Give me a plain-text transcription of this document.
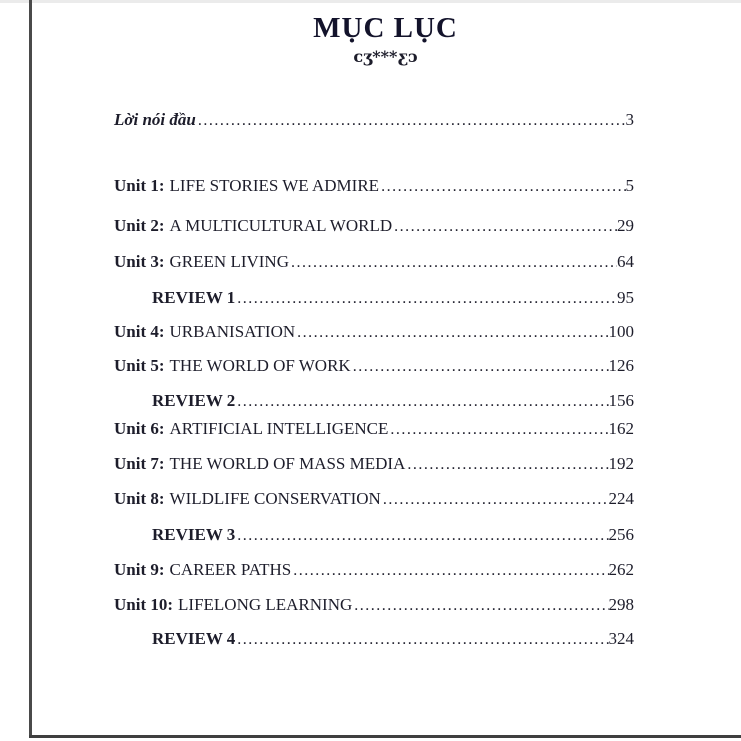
MỤC LỤC
ᴄʒ***ƹᴐ
Lời nói đầu .....	3
Unit 1: LIFE STORIES WE ADMIRE .....	5
Unit 2: A MULTICULTURAL WORLD .....	29
Unit 3: GREEN LIVING .....	64
REVIEW 1 .....	95
Unit 4: URBANISATION .....	100
Unit 5: THE WORLD OF WORK .....	126
REVIEW 2 .....	156
Unit 6: ARTIFICIAL INTELLIGENCE .....	162
Unit 7: THE WORLD OF MASS MEDIA .....	192
Unit 8: WILDLIFE CONSERVATION .....	224
REVIEW 3 .....	256
Unit 9: CAREER PATHS .....	262
Unit 10: LIFELONG LEARNING .....	298
REVIEW 4 .....	324
